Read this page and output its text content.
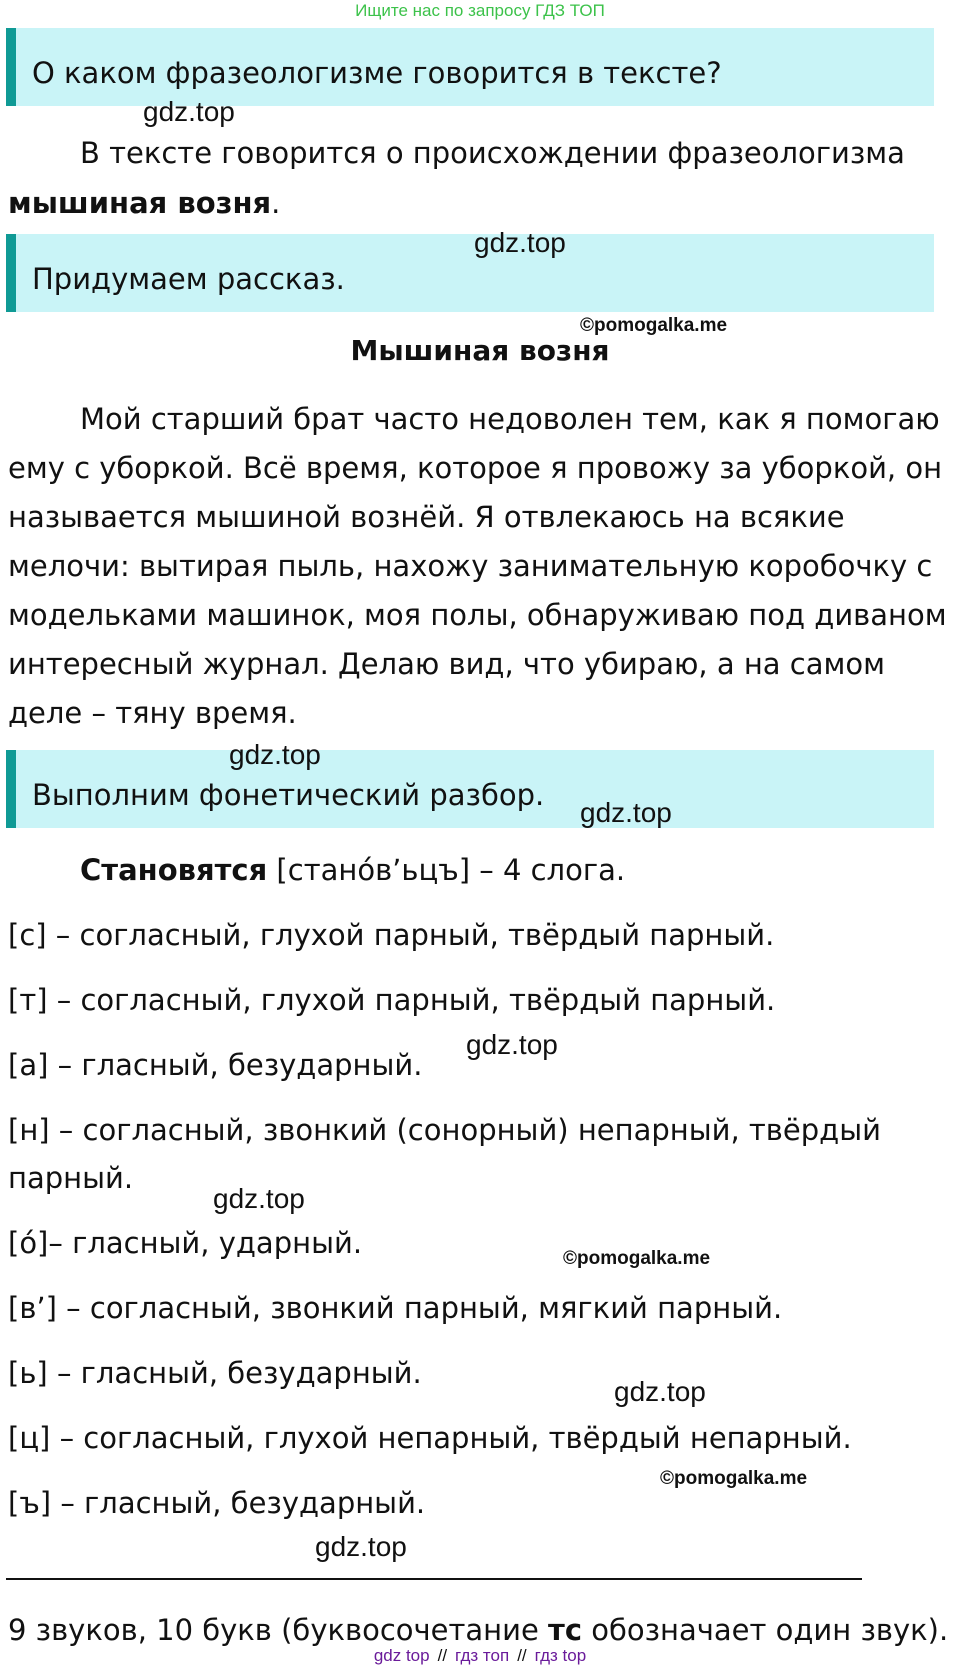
Ищите нас по запросу ГДЗ ТОП
О каком фразеологизме говорится в тексте?
gdz.top
В тексте говорится о происхождении фразеологизма
мышиная возня.
Придумаем рассказ.
gdz.top
©pomogalka.me
Мышиная возня
Мой старший брат часто недоволен тем, как я помогаю ему с уборкой. Всё время, которое я провожу за уборкой, он называется мышиной вознёй. Я отвлекаюсь на всякие мелочи: вытирая пыль, нахожу занимательную коробочку с модельками машинок, моя полы, обнаруживаю под диваном интересный журнал. Делаю вид, что убираю, а на самом деле – тяну время.
Выполним фонетический разбор.
gdz.top
gdz.top
Становятся [стано́в’ьцъ] – 4 слога.
[с] – согласный, глухой парный, твёрдый парный.
[т] – согласный, глухой парный, твёрдый парный.
gdz.top
[а] – гласный, безударный.
[н] – согласный, звонкий (сонорный) непарный, твёрдый
парный.
gdz.top
[о́]– гласный, ударный.	©pomogalka.me
[в’] – согласный, звонкий парный, мягкий парный.
[ь] – гласный, безударный.
gdz.top
[ц] – согласный, глухой непарный, твёрдый непарный.
©pomogalka.me
[ъ] – гласный, безударный.
gdz.top
9 звуков, 10 букв (буквосочетание тс обозначает один звук).
gdz top // гдз топ // гдз top
